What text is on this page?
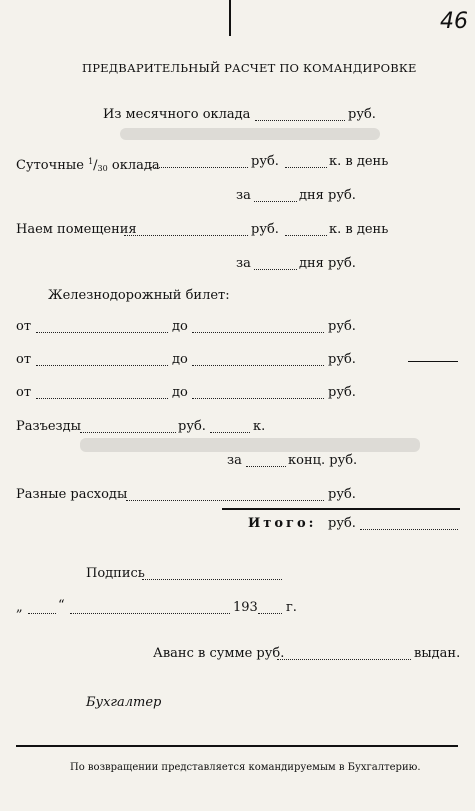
46
ПРЕДВАРИТЕЛЬНЫЙ РАСЧЕТ ПО КОМАНДИРОВКЕ
Из месячного оклада	руб.
Суточные $^1/_{30}$ оклада	руб.	к. в день
за	дня руб.
Наем помещения	руб.	к. в день
за	дня руб.
Железнодорожный билет:
от	до	руб.
от	до	руб.
от	до	руб.
Разъезды	руб.	к.
за	конц. руб.
Разные расходы	руб.
Итого: руб.
Подпись
„	“	193 г.
Аванс в сумме руб.	выдан.
Бухгалтер
По возвращении представляется командируемым в Бухгалтерию.
